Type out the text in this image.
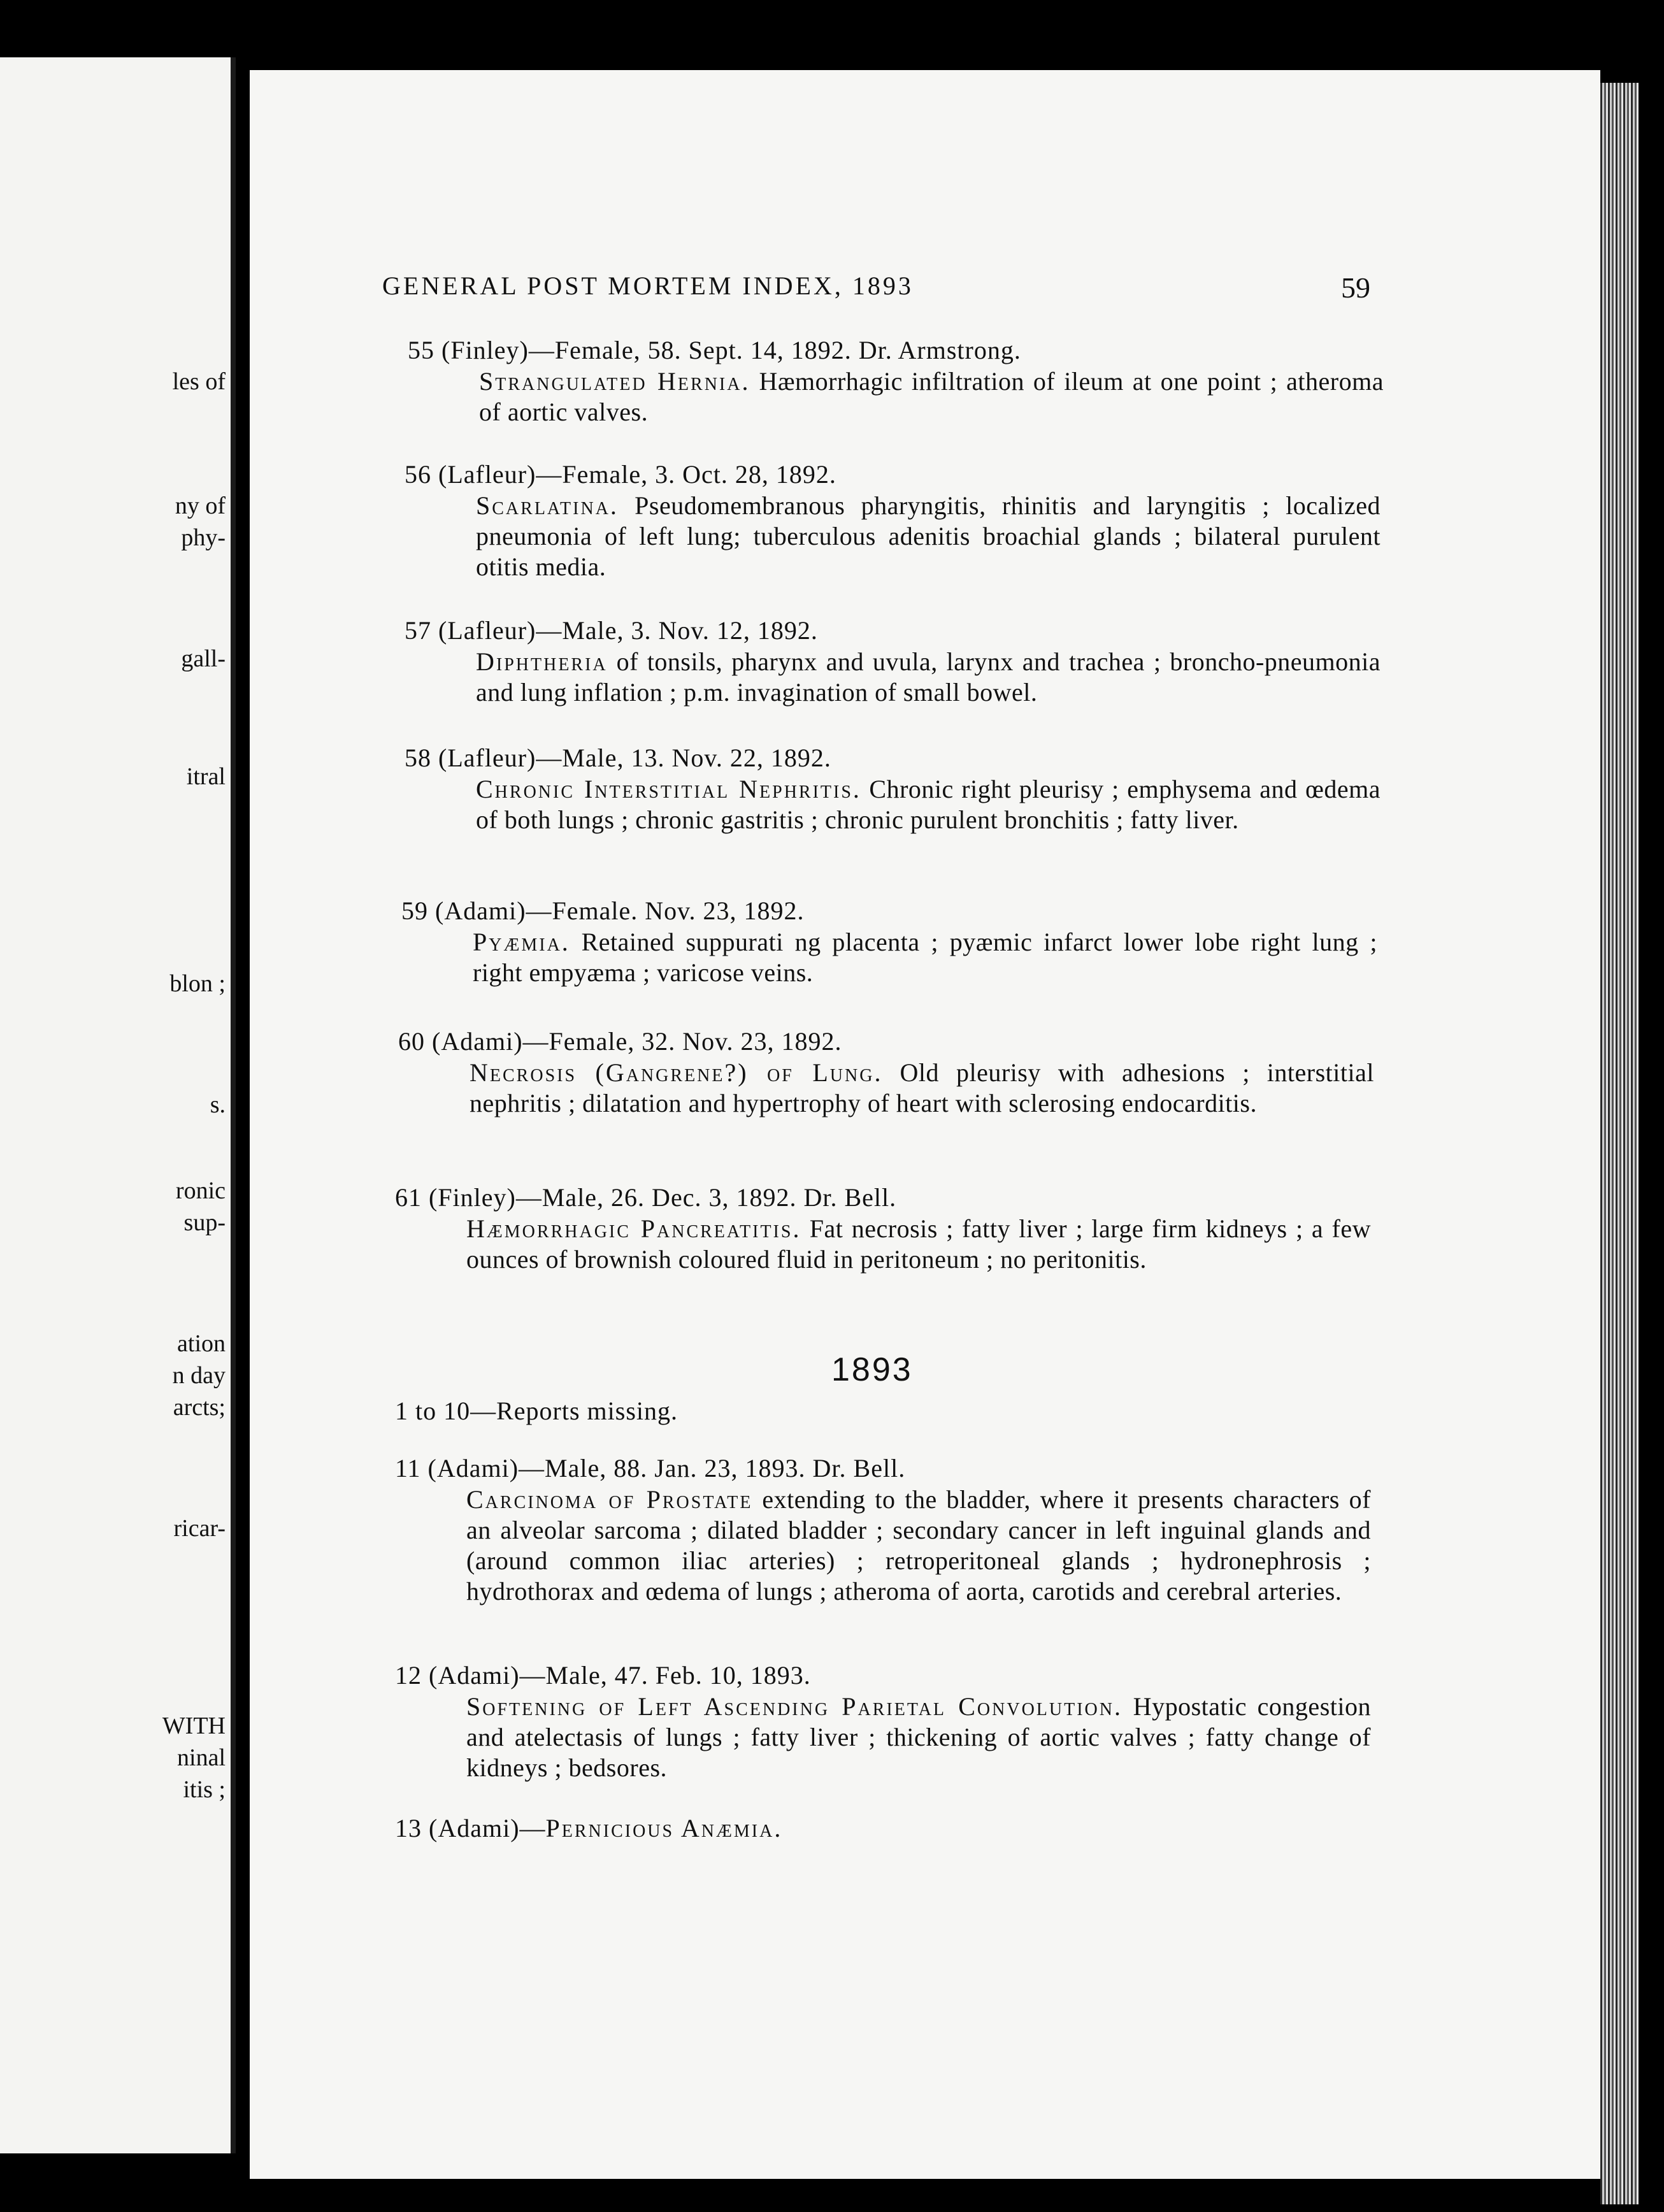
les of
ny of
phy-
gall-
itral
blon ;
s.
ronic
sup-
ation
n day
arcts;
ricar-
WITH
ninal
itis ;
GENERAL POST MORTEM INDEX, 1893	59
55 (Finley)—Female, 58. Sept. 14, 1892. Dr. Armstrong.
Strangulated Hernia. Hæmorrhagic infiltration of ileum at one point ; atheroma of aortic valves.
56 (Lafleur)—Female, 3. Oct. 28, 1892.
Scarlatina. Pseudomembranous pharyngitis, rhinitis and laryngitis ; localized pneumonia of left lung; tuberculous adenitis broachial glands ; bilateral purulent otitis media.
57 (Lafleur)—Male, 3. Nov. 12, 1892.
Diphtheria of tonsils, pharynx and uvula, larynx and trachea ; broncho-pneumonia and lung inflation ; p.m. invagination of small bowel.
58 (Lafleur)—Male, 13. Nov. 22, 1892.
Chronic Interstitial Nephritis. Chronic right pleurisy ; emphysema and œdema of both lungs ; chronic gastritis ; chronic purulent bronchitis ; fatty liver.
59 (Adami)—Female. Nov. 23, 1892.
Pyæmia. Retained suppurati ng placenta ; pyæmic infarct lower lobe right lung ; right empyæma ; varicose veins.
60 (Adami)—Female, 32. Nov. 23, 1892.
Necrosis (Gangrene?) of Lung. Old pleurisy with adhesions ; interstitial nephritis ; dilatation and hypertrophy of heart with sclerosing endocarditis.
61 (Finley)—Male, 26. Dec. 3, 1892. Dr. Bell.
Hæmorrhagic Pancreatitis. Fat necrosis ; fatty liver ; large firm kidneys ; a few ounces of brownish coloured fluid in peritoneum ; no peritonitis.
1 to 10—Reports missing.
11 (Adami)—Male, 88. Jan. 23, 1893. Dr. Bell.
Carcinoma of Prostate extending to the bladder, where it presents characters of an alveolar sarcoma ; dilated bladder ; secondary cancer in left inguinal glands and (around common iliac arteries) ; retroperitoneal glands ; hydronephrosis ; hydrothorax and œdema of lungs ; atheroma of aorta, carotids and cerebral arteries.
12 (Adami)—Male, 47. Feb. 10, 1893.
Softening of Left Ascending Parietal Convolution. Hypostatic congestion and atelectasis of lungs ; fatty liver ; thickening of aortic valves ; fatty change of kidneys ; bedsores.
13 (Adami)—Pernicious Anæmia.
1893
